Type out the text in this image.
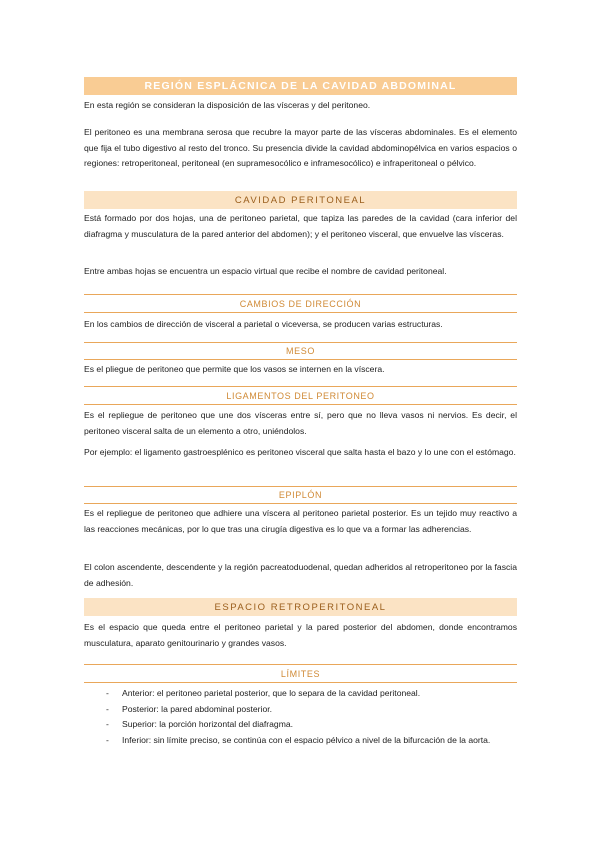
REGIÓN ESPLÁCNICA DE LA CAVIDAD ABDOMINAL

En esta región se consideran la disposición de las vísceras y del peritoneo.

El peritoneo es una membrana serosa que recubre la mayor parte de las vísceras abdominales. Es el elemento que fija el tubo digestivo al resto del tronco. Su presencia divide la cavidad abdominopélvica en varios espacios o regiones: retroperitoneal, peritoneal (en supramesocólico e inframesocólico) e infraperitoneal o pélvico.

CAVIDAD PERITONEAL

Está formado por dos hojas, una de peritoneo parietal, que tapiza las paredes de la cavidad (cara inferior del diafragma y musculatura de la pared anterior del abdomen); y el peritoneo visceral, que envuelve las vísceras.

Entre ambas hojas se encuentra un espacio virtual que recibe el nombre de cavidad peritoneal.

CAMBIOS DE DIRECCIÓN

En los cambios de dirección de visceral a parietal o viceversa, se producen varias estructuras.

MESO

Es el pliegue de peritoneo que permite que los vasos se internen en la víscera.

LIGAMENTOS DEL PERITONEO

Es el repliegue de peritoneo que une dos vísceras entre sí, pero que no lleva vasos ni nervios. Es decir, el peritoneo visceral salta de un elemento a otro, uniéndolos.

Por ejemplo: el ligamento gastroesplénico es peritoneo visceral que salta hasta el bazo y lo une con el estómago.

EPIPLÓN

Es el repliegue de peritoneo que adhiere una víscera al peritoneo parietal posterior. Es un tejido muy reactivo a las reacciones mecánicas, por lo que tras una cirugía digestiva es lo que va a formar las adherencias.

El colon ascendente, descendente y la región pacreatoduodenal, quedan adheridos al retroperitoneo por la fascia de adhesión.

ESPACIO RETROPERITONEAL

Es el espacio que queda entre el peritoneo parietal y la pared posterior del abdomen, donde encontramos musculatura, aparato genitourinario y grandes vasos.

LÍMITES
- Anterior: el peritoneo parietal posterior, que lo separa de la cavidad peritoneal.
- Posterior: la pared abdominal posterior.
- Superior: la porción horizontal del diafragma.
- Inferior: sin límite preciso, se continúa con el espacio pélvico a nivel de la bifurcación de la aorta.
